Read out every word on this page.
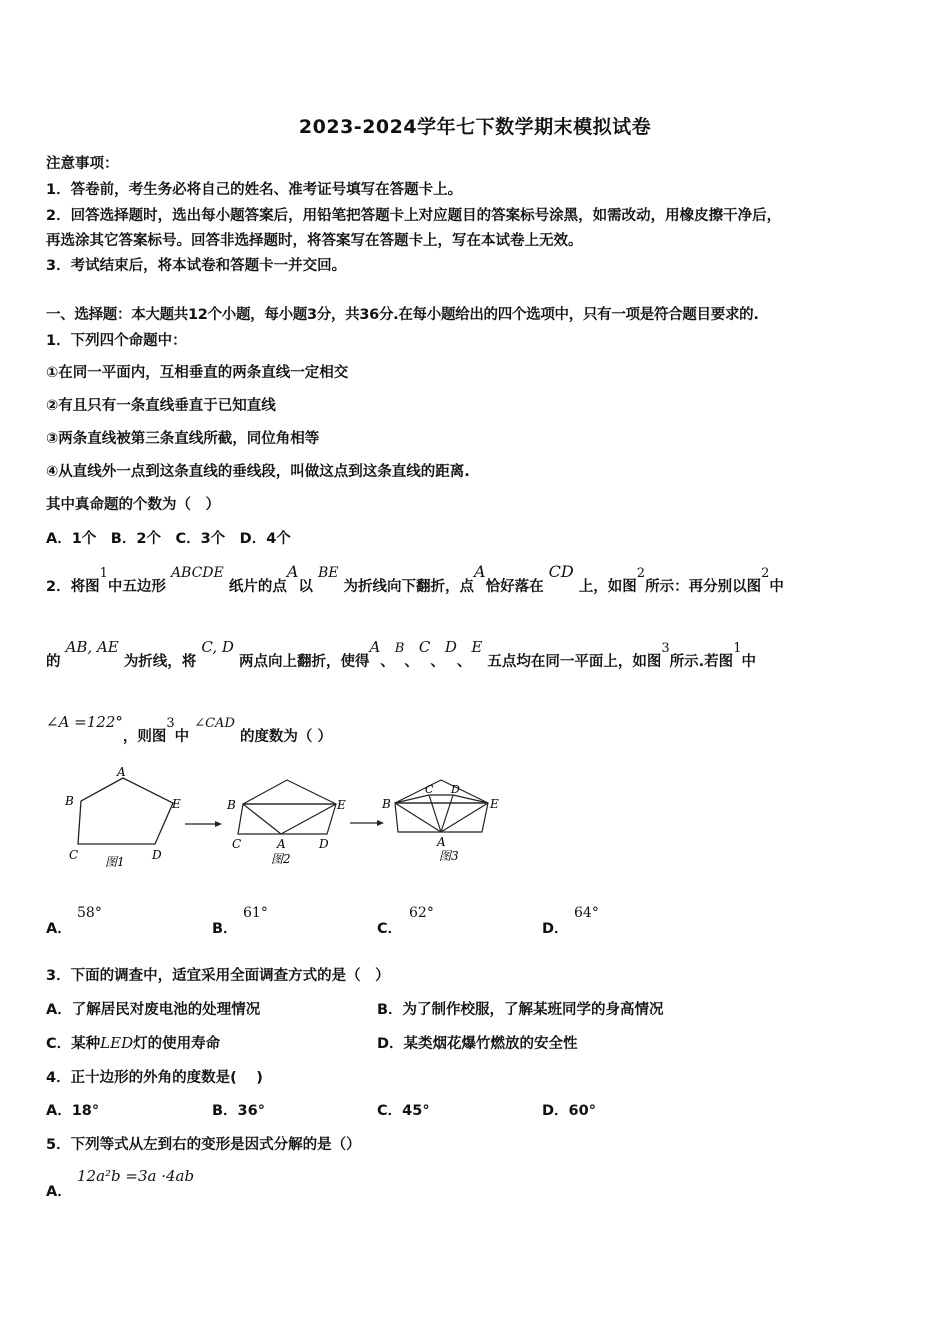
2023-2024学年七下数学期末模拟试卷
注意事项：
1．答卷前，考生务必将自己的姓名、准考证号填写在答题卡上。
2．回答选择题时，选出每小题答案后，用铅笔把答题卡上对应题目的答案标号涂黑，如需改动，用橡皮擦干净后，
再选涂其它答案标号。回答非选择题时，将答案写在答题卡上，写在本试卷上无效。
3．考试结束后，将本试卷和答题卡一并交回。
一、选择题：本大题共12个小题，每小题3分，共36分.在每小题给出的四个选项中，只有一项是符合题目要求的.
1．下列四个命题中：
①在同一平面内，互相垂直的两条直线一定相交
②有且只有一条直线垂直于已知直线
③两条直线被第三条直线所截，同位角相等
④从直线外一点到这条直线的垂线段，叫做这点到这条直线的距离.
其中真命题的个数为（　）
A．1个　B．2个　C．3个　D．4个
2．将图1中五边形 ABCDE 纸片的点A以 BE 为折线向下翻折，点A恰好落在 CD 上，如图2所示：再分别以图2中
的 AB, AE 为折线，将 C, D 两点向上翻折，使得A、B、C、D、E 五点均在同一平面上，如图3所示.若图1中
∠A =122°，则图3中 ∠CAD 的度数为（ ）
A
B
C	D
E
图1
B	E
C	A	D
图2
B
C D
E
A
图3
A．
58°
B．
61°
C．
62°
D．
64°
3．下面的调查中，适宜采用全面调查方式的是（　）
A．了解居民对废电池的处理情况	B．为了制作校服，了解某班同学的身高情况
C．某种LED灯的使用寿命	D．某类烟花爆竹燃放的安全性
4．正十边形的外角的度数是(　 )
A．18°	B．36°	C．45°	D．60°
5．下列等式从左到右的变形是因式分解的是（）
A．
12a²b =3a ·4ab
